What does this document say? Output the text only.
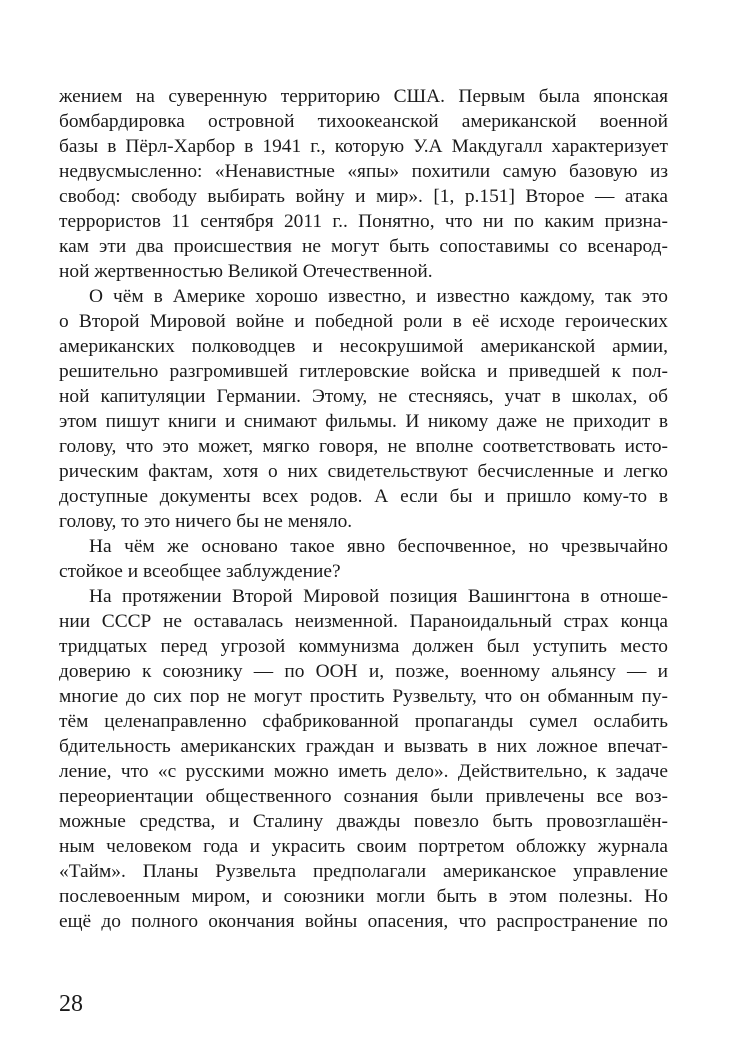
жением на суверенную территорию США. Первым была японская
бомбардировка островной тихоокеанской американской военной
базы в Пёрл-Харбор в 1941 г., которую У.А Макдугалл характеризует
недвусмысленно: «Ненавистные «япы» похитили самую базовую из
свобод: свободу выбирать войну и мир». [1, p.151] Второе — атака
террористов 11 сентября 2011 г.. Понятно, что ни по каким призна-
кам эти два происшествия не могут быть сопоставимы со всенарод-
ной жертвенностью Великой Отечественной.
О чём в Америке хорошо известно, и известно каждому, так это
о Второй Мировой войне и победной роли в её исходе героических
американских полководцев и несокрушимой американской армии,
решительно разгромившей гитлеровские войска и приведшей к пол-
ной капитуляции Германии. Этому, не стесняясь, учат в школах, об
этом пишут книги и снимают фильмы. И никому даже не приходит в
голову, что это может, мягко говоря, не вполне соответствовать исто-
рическим фактам, хотя о них свидетельствуют бесчисленные и легко
доступные документы всех родов. А если бы и пришло кому-то в
голову, то это ничего бы не меняло.
На чём же основано такое явно беспочвенное, но чрезвычайно
стойкое и всеобщее заблуждение?
На протяжении Второй Мировой позиция Вашингтона в отноше-
нии СССР не оставалась неизменной. Параноидальный страх конца
тридцатых перед угрозой коммунизма должен был уступить место
доверию к союзнику — по ООН и, позже, военному альянсу — и
многие до сих пор не могут простить Рузвельту, что он обманным пу-
тём целенаправленно сфабрикованной пропаганды сумел ослабить
бдительность американских граждан и вызвать в них ложное впечат-
ление, что «с русскими можно иметь дело». Действительно, к задаче
переориентации общественного сознания были привлечены все воз-
можные средства, и Сталину дважды повезло быть провозглашён-
ным человеком года и украсить своим портретом обложку журнала
«Тайм». Планы Рузвельта предполагали американское управление
послевоенным миром, и союзники могли быть в этом полезны. Но
ещё до полного окончания войны опасения, что распространение по
28
